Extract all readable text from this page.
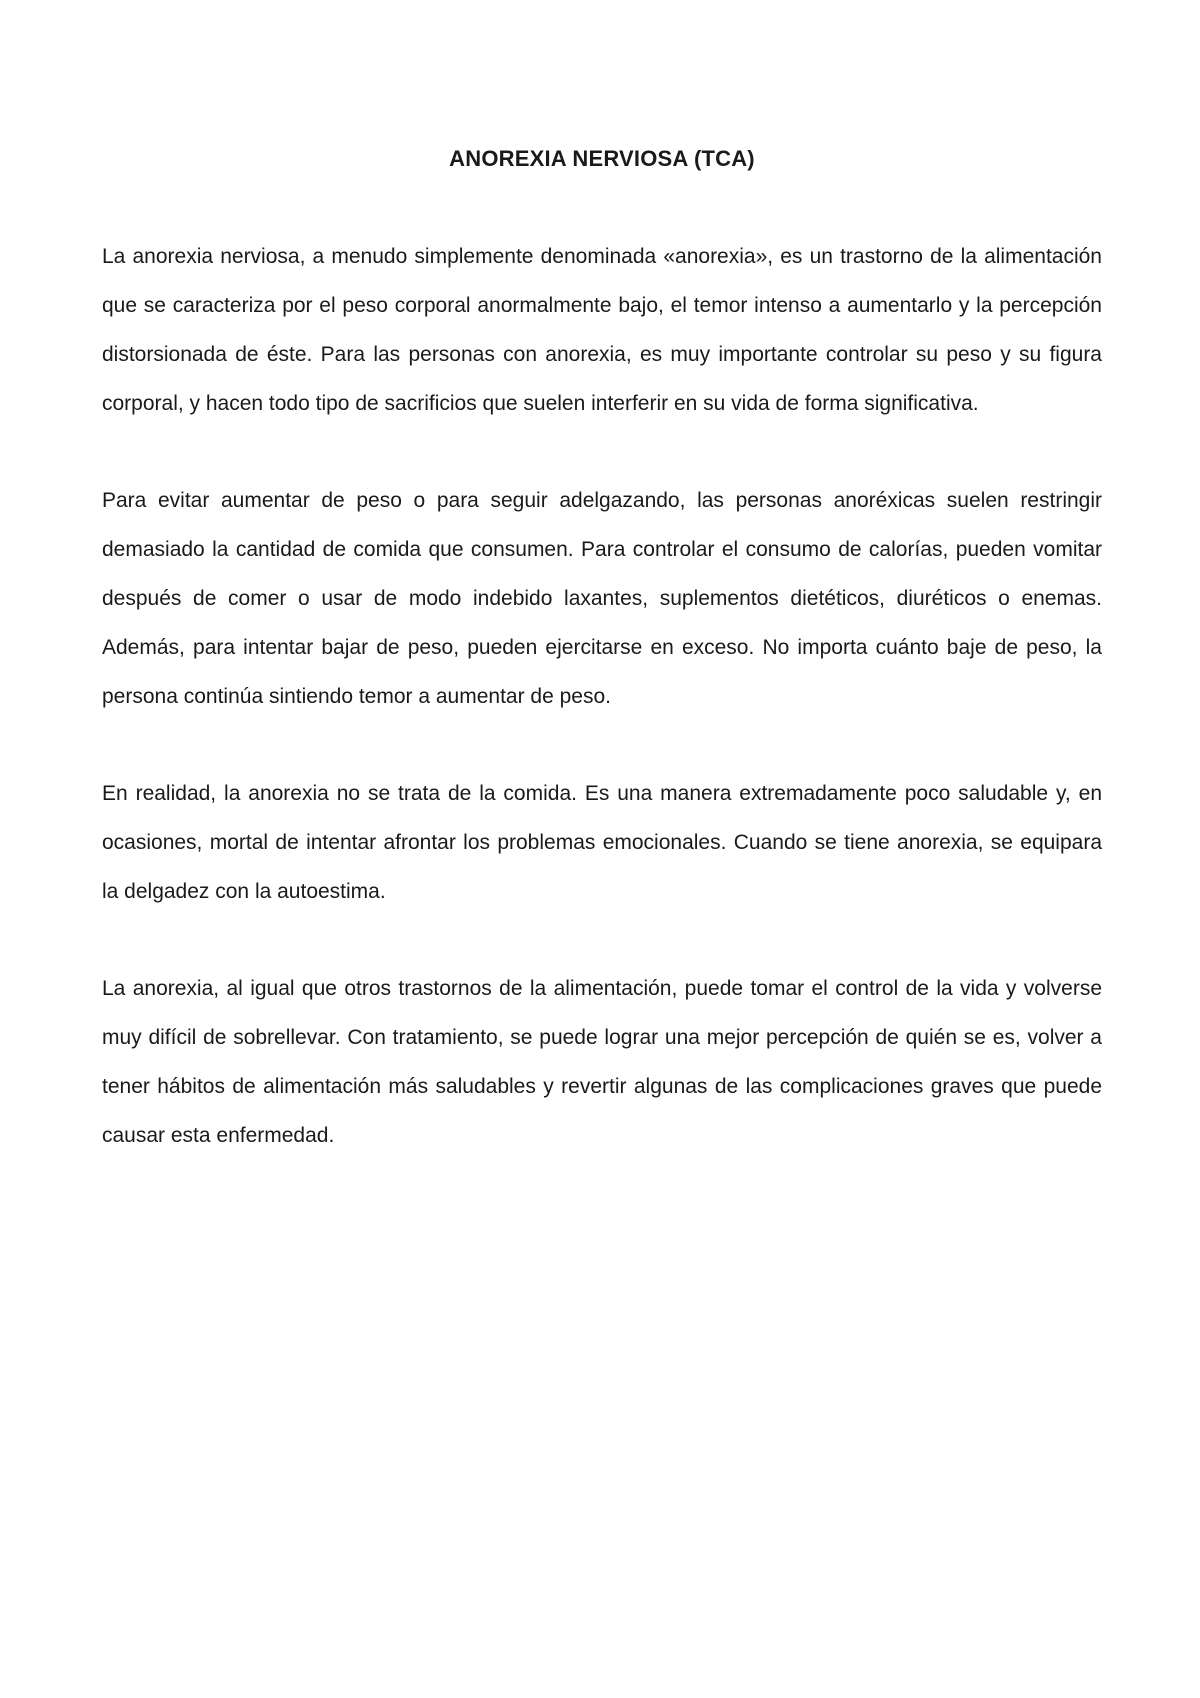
ANOREXIA NERVIOSA (TCA)

La anorexia nerviosa, a menudo simplemente denominada «anorexia», es un trastorno de la alimentación que se caracteriza por el peso corporal anormalmente bajo, el temor intenso a aumentarlo y la percepción distorsionada de éste. Para las personas con anorexia, es muy importante controlar su peso y su figura corporal, y hacen todo tipo de sacrificios que suelen interferir en su vida de forma significativa.

Para evitar aumentar de peso o para seguir adelgazando, las personas anoréxicas suelen restringir demasiado la cantidad de comida que consumen. Para controlar el consumo de calorías, pueden vomitar después de comer o usar de modo indebido laxantes, suplementos dietéticos, diuréticos o enemas. Además, para intentar bajar de peso, pueden ejercitarse en exceso. No importa cuánto baje de peso, la persona continúa sintiendo temor a aumentar de peso.

En realidad, la anorexia no se trata de la comida. Es una manera extremadamente poco saludable y, en ocasiones, mortal de intentar afrontar los problemas emocionales. Cuando se tiene anorexia, se equipara la delgadez con la autoestima.

La anorexia, al igual que otros trastornos de la alimentación, puede tomar el control de la vida y volverse muy difícil de sobrellevar. Con tratamiento, se puede lograr una mejor percepción de quién se es, volver a tener hábitos de alimentación más saludables y revertir algunas de las complicaciones graves que puede causar esta enfermedad.
